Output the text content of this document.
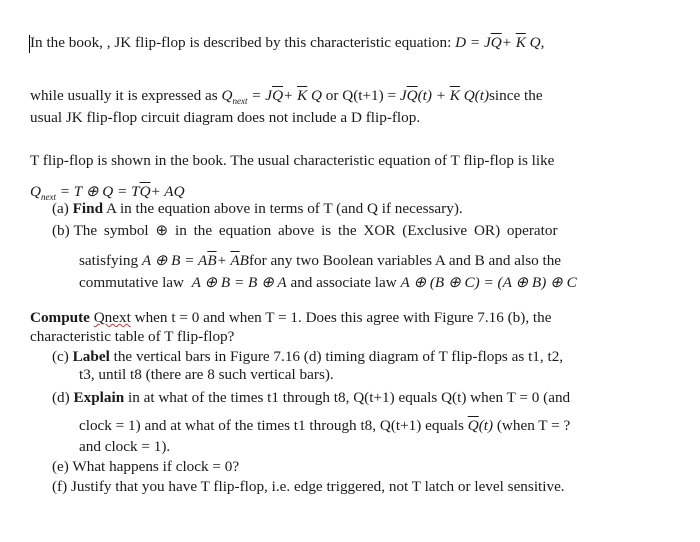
In the book, , JK flip-flop is described by this characteristic equation: $D = J\overline{Q}+ \overline{K}$ Q,
while usually it is expressed as $Q_{next} = J\overline{Q}+ \overline{K}$ Q or $Q(t+1) = J\overline{Q}(t) + \overline{K}$ Q(t)since the
usual JK flip-flop circuit diagram does not include a D flip-flop.
T flip-flop is shown in the book. The usual characteristic equation of T flip-flop is like
$Q_{next} = T$ ⊕ $Q = T\overline{Q}+$ AQ
(a) Find A in the equation above in terms of T (and Q if necessary).
(b) The symbol ⊕ in the equation above is the XOR (Exclusive OR) operator
satisfying A ⊕ $B = A\overline{B}+$ $\overline{A}Bfor$ any two Boolean variables A and B and also the
commutative law A ⊕ B = B ⊕ A and associate law A ⊕ (B ⊕ C) = (A ⊕ B) ⊕ C
Compute Qnext when t = 0 and when T = 1. Does this agree with Figure 7.16 (b), the
characteristic table of T flip-flop?
(c) Label the vertical bars in Figure 7.16 (d) timing diagram of T flip-flops as t1, t2,
t3, until t8 (there are 8 such vertical bars).
(d) Explain in at what of the times t1 through t8, Q(t+1) equals Q(t) when T = 0 (and
clock = 1) and at what of the times t1 through t8, Q(t+1) equals $\overline{Q}(t)$ (when T = ?
and clock = 1).
(e) What happens if clock = 0?
(f) Justify that you have T flip-flop, i.e. edge triggered, not T latch or level sensitive.
